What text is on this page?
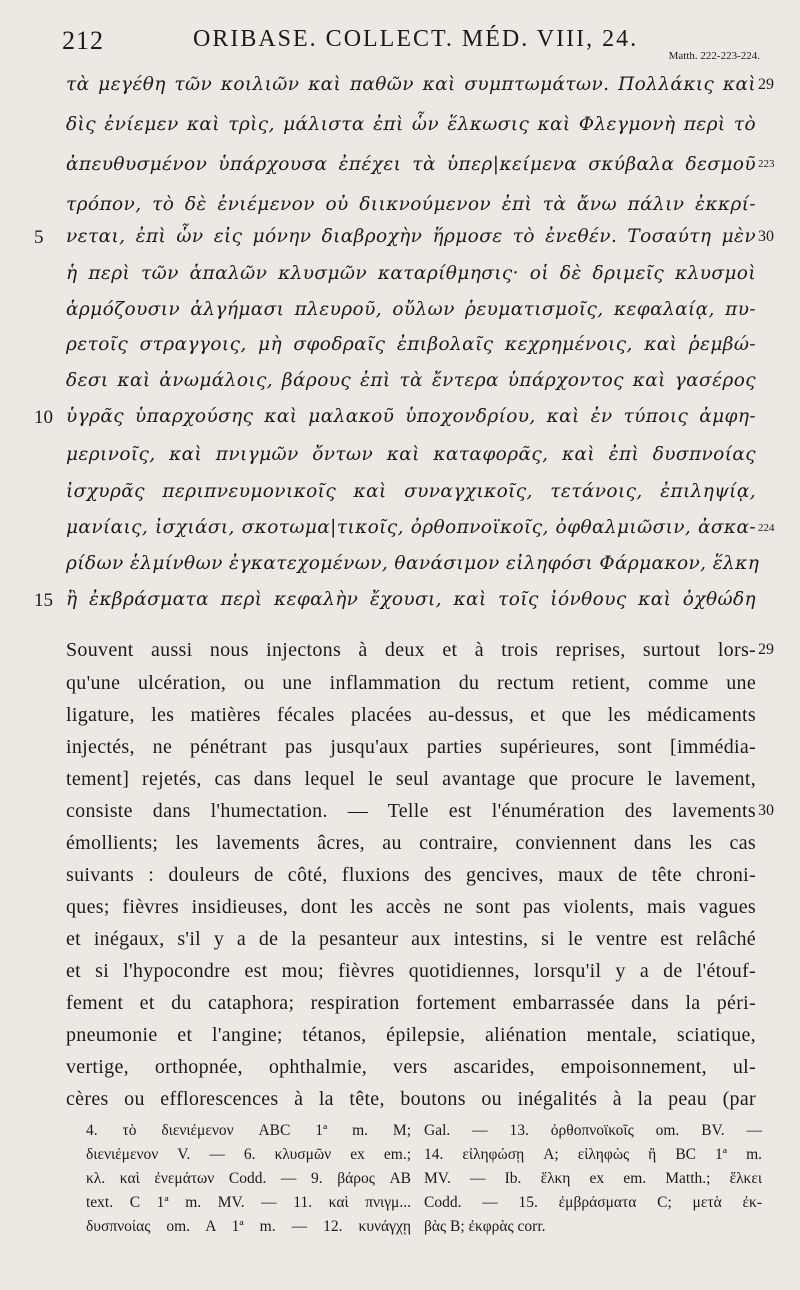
212	ORIBASE. COLLECT. MÉD. VIII, 24.
Matth. 222-223-224.
τὰ μεγέθη τῶν κοιλιῶν καὶ παθῶν καὶ συμπτωμάτων. Πολλάκις καὶ
δὶς ἐνίεμεν καὶ τρὶς, μάλιστα ἐπὶ ὧν ἕλκωσις καὶ Φλεγμονὴ περὶ τὸ
ἀπευθυσμένον ὑπάρχουσα ἐπέχει τὰ ὑπερ|κείμενα σκύβαλα δεσμοῦ
τρόπον, τὸ δὲ ἐνιέμενον οὐ διικνούμενον ἐπὶ τὰ ἄνω πάλιν ἐκκρί-
νεται, ἐπὶ ὧν εἰς μόνην διαβροχὴν ἥρμοσε τὸ ἐνεθέν. Τοσαύτη μὲν
ἡ περὶ τῶν ἁπαλῶν κλυσμῶν καταρίθμησις· οἱ δὲ δριμεῖς κλυσμοὶ
ἁρμόζουσιν ἀλγήμασι πλευροῦ, οὔλων ῥευματισμοῖς, κεφαλαίᾳ, πυ-
ρετοῖς στραγγοις, μὴ σφοδραῖς ἐπιβολαῖς κεχρημένοις, καὶ ῥεμβώ-
δεσι καὶ ἀνωμάλοις, βάρους ἐπὶ τὰ ἔντερα ὑπάρχοντος καὶ γασέρος
ὑγρᾶς ὑπαρχούσης καὶ μαλακοῦ ὑποχονδρίου, καὶ ἐν τύποις ἀμφη-
μερινοῖς, καὶ πνιγμῶν ὄντων καὶ καταφορᾶς, καὶ ἐπὶ δυσπνοίας
ἰσχυρᾶς περιπνευμονικοῖς καὶ συναγχικοῖς, τετάνοις, ἐπιληψίᾳ,
μανίαις, ἰσχιάσι, σκοτωμα|τικοῖς, ὀρθοπνοϊκοῖς, ὀφθαλμιῶσιν, ἀσκα-
ρίδων ἑλμίνθων ἐγκατεχομένων, θανάσιμον εἰληφόσι Φάρμακον, ἕλκη
ἢ ἐκβράσματα περὶ κεφαλὴν ἔχουσι, καὶ τοῖς ἰόνθους καὶ ὀχθώδη
5
10
15
29
223
30
224
Souvent aussi nous injectons à deux et à trois reprises, surtout lors-
qu'une ulcération, ou une inflammation du rectum retient, comme une
ligature, les matières fécales placées au-dessus, et que les médicaments
injectés, ne pénétrant pas jusqu'aux parties supérieures, sont [immédia-
tement] rejetés, cas dans lequel le seul avantage que procure le lavement,
consiste dans l'humectation. — Telle est l'énumération des lavements
émollients; les lavements âcres, au contraire, conviennent dans les cas
suivants : douleurs de côté, fluxions des gencives, maux de tête chroni-
ques; fièvres insidieuses, dont les accès ne sont pas violents, mais vagues
et inégaux, s'il y a de la pesanteur aux intestins, si le ventre est relâché
et si l'hypocondre est mou; fièvres quotidiennes, lorsqu'il y a de l'étouf-
fement et du cataphora; respiration fortement embarrassée dans la péri-
pneumonie et l'angine; tétanos, épilepsie, aliénation mentale, sciatique,
vertige, orthopnée, ophthalmie, vers ascarides, empoisonnement, ul-
cères ou efflorescences à la tête, boutons ou inégalités à la peau (par
29
30
4. τὸ διενιέμενον ABC 1ª m. M;
διενιέμενον V. — 6. κλυσμῶν ex em.;
κλ. καὶ ἐνεμάτων Codd. — 9. βάρος AB
text. C 1ª m. MV. — 11. καὶ πνιγμ...
δυσπνοίας om. A 1ª m. — 12. κυνάγχῃ
Gal. — 13. ὀρθοπνοϊκοῖς om. BV. —
14. εἰληφώσῃ A; εἰληφὼς ἢ BC 1ª m.
MV. — Ib. ἕλκη ex em. Matth.; ἕλκει
Codd. — 15. ἐμβράσματα C; μετὰ ἐκ-
βὰς B; ἐκφρὰς corr.
